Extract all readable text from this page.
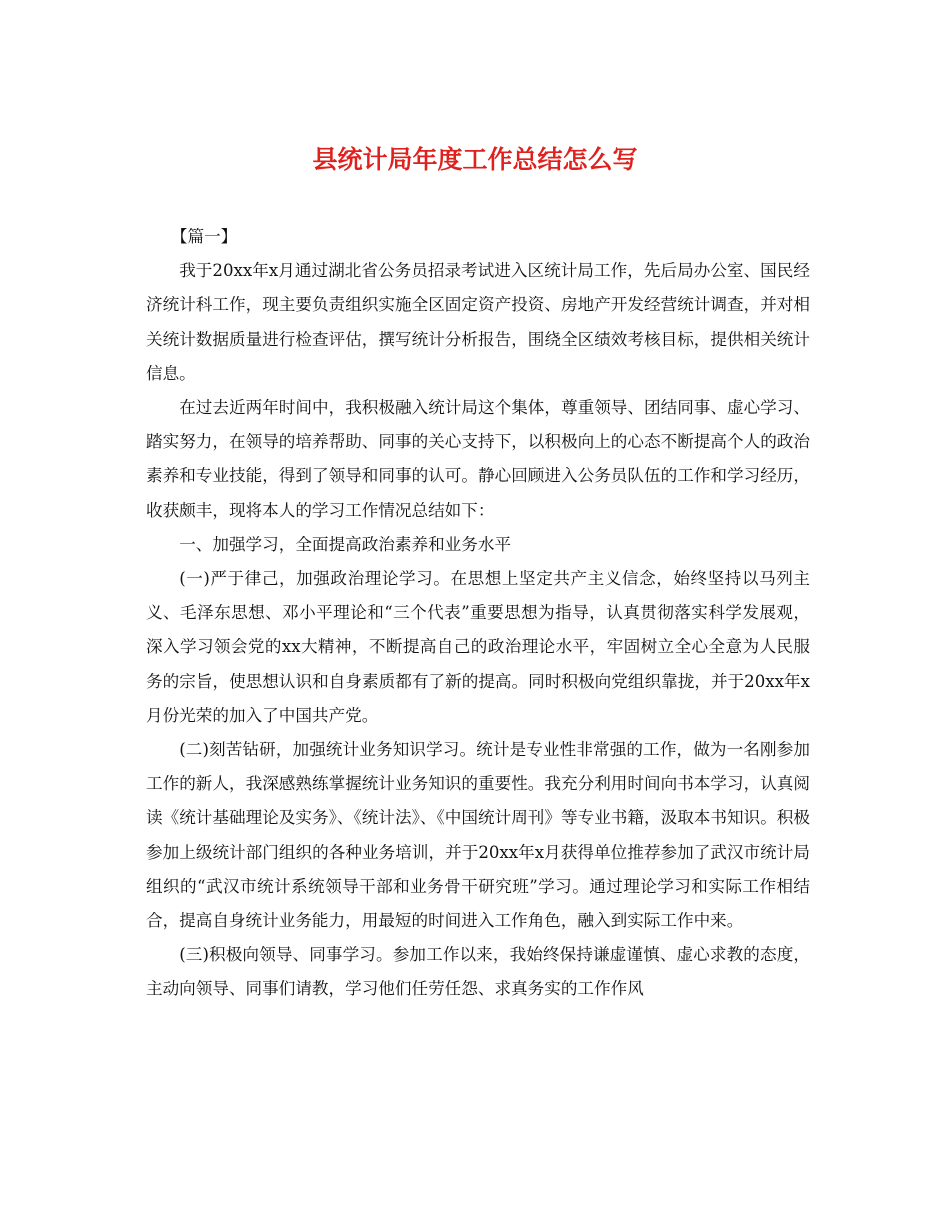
县统计局年度工作总结怎么写

【篇一】

我于20xx年x月通过湖北省公务员招录考试进入区统计局工作，先后局办公室、国民经济统计科工作，现主要负责组织实施全区固定资产投资、房地产开发经营统计调查，并对相关统计数据质量进行检查评估，撰写统计分析报告，围绕全区绩效考核目标，提供相关统计信息。

在过去近两年时间中，我积极融入统计局这个集体，尊重领导、团结同事、虚心学习、踏实努力，在领导的培养帮助、同事的关心支持下，以积极向上的心态不断提高个人的政治素养和专业技能，得到了领导和同事的认可。静心回顾进入公务员队伍的工作和学习经历，收获颇丰，现将本人的学习工作情况总结如下：

一、加强学习，全面提高政治素养和业务水平

(一)严于律己，加强政治理论学习。在思想上坚定共产主义信念，始终坚持以马列主义、毛泽东思想、邓小平理论和“三个代表”重要思想为指导，认真贯彻落实科学发展观，深入学习领会党的xx大精神，不断提高自己的政治理论水平，牢固树立全心全意为人民服务的宗旨，使思想认识和自身素质都有了新的提高。同时积极向党组织靠拢，并于20xx年x月份光荣的加入了中国共产党。

(二)刻苦钻研，加强统计业务知识学习。统计是专业性非常强的工作，做为一名刚参加工作的新人，我深感熟练掌握统计业务知识的重要性。我充分利用时间向书本学习，认真阅读《统计基础理论及实务》、《统计法》、《中国统计周刊》等专业书籍，汲取本书知识。积极参加上级统计部门组织的各种业务培训，并于20xx年x月获得单位推荐参加了武汉市统计局组织的“武汉市统计系统领导干部和业务骨干研究班”学习。通过理论学习和实际工作相结合，提高自身统计业务能力，用最短的时间进入工作角色，融入到实际工作中来。

(三)积极向领导、同事学习。参加工作以来，我始终保持谦虚谨慎、虚心求教的态度，主动向领导、同事们请教，学习他们任劳任怨、求真务实的工作作风
